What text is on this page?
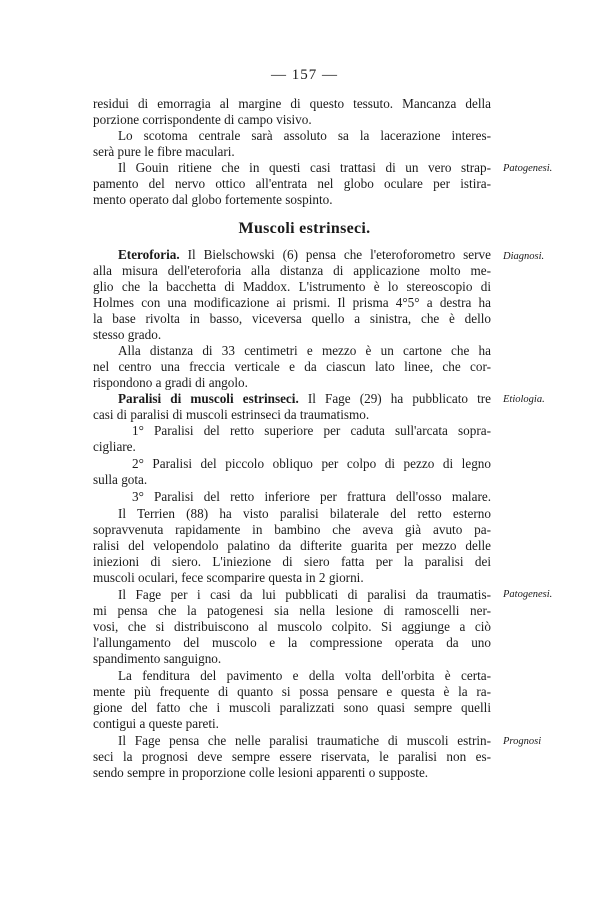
— 157 —
residui di emorragia al margine di questo tessuto. Mancanza della
porzione corrispondente di campo visivo.
Lo scotoma centrale sarà assoluto sa la lacerazione interes-
serà pure le fibre maculari.
Il Gouin ritiene che in questi casi trattasi di un vero strap-
pamento del nervo ottico all'entrata nel globo oculare per istira-
mento operato dal globo fortemente sospinto.
Patogenesi.
Muscoli estrinseci.
Eteroforia. Il Bielschowski (6) pensa che l'eteroforometro serve
alla misura dell'eteroforia alla distanza di applicazione molto me-
glio che la bacchetta di Maddox. L'istrumento è lo stereoscopio di
Holmes con una modificazione ai prismi. Il prisma 4°5° a destra ha
la base rivolta in basso, viceversa quello a sinistra, che è dello
stesso grado.
Alla distanza di 33 centimetri e mezzo è un cartone che ha
nel centro una freccia verticale e da ciascun lato linee, che cor-
rispondono a gradi di angolo.
Diagnosi.
Paralisi di muscoli estrinseci. Il Fage (29) ha pubblicato tre Etiologia.
casi di paralisi di muscoli estrinseci da traumatismo.
1° Paralisi del retto superiore per caduta sull'arcata sopra-
cigliare.
2° Paralisi del piccolo obliquo per colpo di pezzo di legno
sulla gota.
3° Paralisi del retto inferiore per frattura dell'osso malare.
Il Terrien (88) ha visto paralisi bilaterale del retto esterno
sopravvenuta rapidamente in bambino che aveva già avuto pa-
ralisi del velopendolo palatino da difterite guarita per mezzo delle
iniezioni di siero. L'iniezione di siero fatta per la paralisi dei
muscoli oculari, fece scomparire questa in 2 giorni.
Il Fage per i casi da lui pubblicati di paralisi da traumatis- Patogenesi.
mi pensa che la patogenesi sia nella lesione di ramoscelli ner-
vosi, che si distribuiscono al muscolo colpito. Si aggiunge a ciò
l'allungamento del muscolo e la compressione operata da uno
spandimento sanguigno.
La fenditura del pavimento e della volta dell'orbita è certa-
mente più frequente di quanto si possa pensare e questa è la ra-
gione del fatto che i muscoli paralizzati sono quasi sempre quelli
contigui a queste pareti.
Il Fage pensa che nelle paralisi traumatiche di muscoli estrin- Prognosi
seci la prognosi deve sempre essere riservata, le paralisi non es-
sendo sempre in proporzione colle lesioni apparenti o supposte.
